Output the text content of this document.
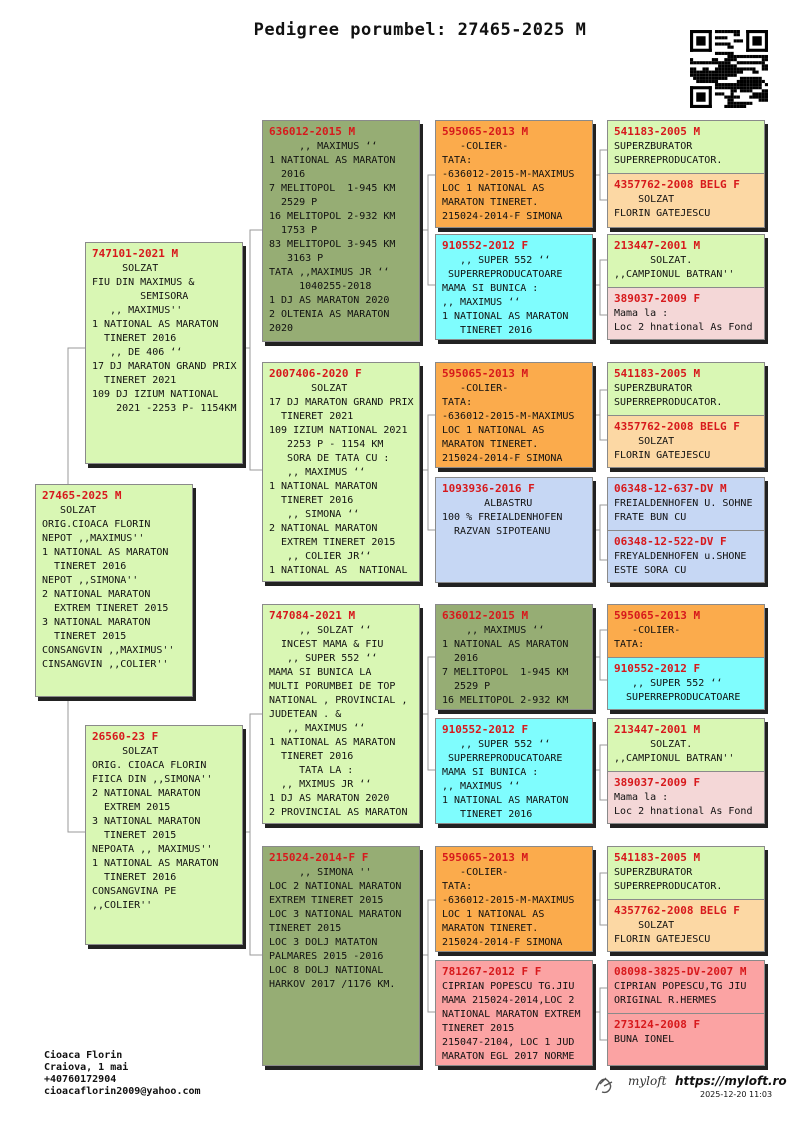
Pedigree porumbel: 27465-2025 M
27465-2025 M
SOLZAT
ORIG.CIOACA FLORIN
NEPOT ,,MAXIMUS''
1 NATIONAL AS MARATON
TINERET 2016
NEPOT ,,SIMONA''
2 NATIONAL MARATON
EXTREM TINERET 2015
3 NATIONAL MARATON
TINERET 2015
CONSANGVIN ,,MAXIMUS''
CINSANGVIN ,,COLIER''
747101-2021 M
SOLZAT
FIU DIN MAXIMUS &
SEMISORA
,, MAXIMUS''
1 NATIONAL AS MARATON
TINERET 2016
,, DE 406 ‘‘
17 DJ MARATON GRAND PRIX
TINERET 2021
109 DJ IZIUM NATIONAL
2021 -2253 P- 1154KM
26560-23 F
SOLZAT
ORIG. CIOACA FLORIN
FIICA DIN ,,SIMONA''
2 NATIONAL MARATON
EXTREM 2015
3 NATIONAL MARATON
TINERET 2015
NEPOATA ,, MAXIMUS''
1 NATIONAL AS MARATON
TINERET 2016
CONSANGVINA PE
,,COLIER''
636012-2015 M
,, MAXIMUS ‘‘
1 NATIONAL AS MARATON
2016
7 MELITOPOL  1-945 KM
2529 P
16 MELITOPOL 2-932 KM
1753 P
83 MELITOPOL 3-945 KM
3163 P
TATA ,,MAXIMUS JR ‘‘
1040255-2018
1 DJ AS MARATON 2020
2 OLTENIA AS MARATON
2020
2007406-2020 F
SOLZAT
17 DJ MARATON GRAND PRIX
TINERET 2021
109 IZIUM NATIONAL 2021
2253 P - 1154 KM
SORA DE TATA CU :
,, MAXIMUS ‘‘
1 NATIONAL MARATON
TINERET 2016
,, SIMONA ‘‘
2 NATIONAL MARATON
EXTREM TINERET 2015
,, COLIER JR‘‘
1 NATIONAL AS  NATIONAL
747084-2021 M
,, SOLZAT ‘‘
INCEST MAMA & FIU
,, SUPER 552 ‘‘
MAMA SI BUNICA LA
MULTI PORUMBEI DE TOP
NATIONAL , PROVINCIAL ,
JUDETEAN . &
,, MAXIMUS ‘‘
1 NATIONAL AS MARATON
TINERET 2016
TATA LA :
,, MXIMUS JR ‘‘
1 DJ AS MARATON 2020
2 PROVINCIAL AS MARATON
215024-2014-F F
,, SIMONA ''
LOC 2 NATIONAL MARATON
EXTREM TINERET 2015
LOC 3 NATIONAL MARATON
TINERET 2015
LOC 3 DOLJ MATATON
PALMARES 2015 -2016
LOC 8 DOLJ NATIONAL
HARKOV 2017 /1176 KM.
595065-2013 M
-COLIER-
TATA:
-636012-2015-M-MAXIMUS
LOC 1 NATIONAL AS
MARATON TINERET.
215024-2014-F SIMONA
910552-2012 F
,, SUPER 552 ‘‘
SUPERREPRODUCATOARE
MAMA SI BUNICA :
,, MAXIMUS ‘‘
1 NATIONAL AS MARATON
TINERET 2016
595065-2013 M
-COLIER-
TATA:
-636012-2015-M-MAXIMUS
LOC 1 NATIONAL AS
MARATON TINERET.
215024-2014-F SIMONA
1093936-2016 F
ALBASTRU
100 % FREIALDENHOFEN
RAZVAN SIPOTEANU
636012-2015 M
,, MAXIMUS ‘‘
1 NATIONAL AS MARATON
2016
7 MELITOPOL  1-945 KM
2529 P
16 MELITOPOL 2-932 KM
910552-2012 F
,, SUPER 552 ‘‘
SUPERREPRODUCATOARE
MAMA SI BUNICA :
,, MAXIMUS ‘‘
1 NATIONAL AS MARATON
TINERET 2016
595065-2013 M
-COLIER-
TATA:
-636012-2015-M-MAXIMUS
LOC 1 NATIONAL AS
MARATON TINERET.
215024-2014-F SIMONA
781267-2012 F F
CIPRIAN POPESCU TG.JIU
MAMA 215024-2014,LOC 2
NATIONAL MARATON EXTREM
TINERET 2015
215047-2104, LOC 1 JUD
MARATON EGL 2017 NORME
541183-2005 M
SUPERZBURATOR
SUPERREPRODUCATOR.
4357762-2008 BELG F
SOLZAT
FLORIN GATEJESCU
213447-2001 M
SOLZAT.
,,CAMPIONUL BATRAN''
389037-2009 F
Mama la :
Loc 2 hnational As Fond
541183-2005 M
SUPERZBURATOR
SUPERREPRODUCATOR.
4357762-2008 BELG F
SOLZAT
FLORIN GATEJESCU
06348-12-637-DV M
FREIALDENHOFEN U. SOHNE
FRATE BUN CU
06348-12-522-DV F
FREYALDENHOFEN u.SHONE
ESTE SORA CU
595065-2013 M
-COLIER-
TATA:
910552-2012 F
,, SUPER 552 ‘‘
SUPERREPRODUCATOARE
213447-2001 M
SOLZAT.
,,CAMPIONUL BATRAN''
389037-2009 F
Mama la :
Loc 2 hnational As Fond
541183-2005 M
SUPERZBURATOR
SUPERREPRODUCATOR.
4357762-2008 BELG F
SOLZAT
FLORIN GATEJESCU
08098-3825-DV-2007 M
CIPRIAN POPESCU,TG JIU
ORIGINAL R.HERMES
273124-2008 F
BUNA IONEL
Cioaca Florin
Craiova, 1 mai
+40760172904
cioacaflorin2009@yahoo.com
myloft https://myloft.ro
2025-12-20 11:03
